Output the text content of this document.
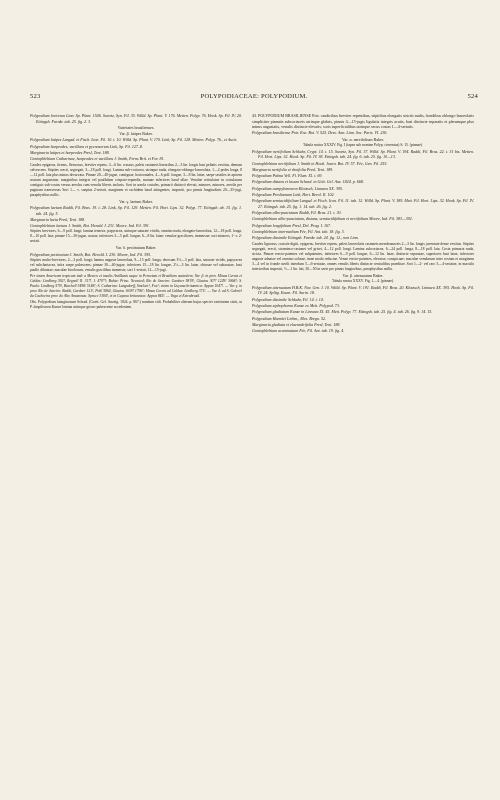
523	POLYPODIACEAE: POLYPODIUM.	524

Polypodium loriceum Linn. Sp. Plant. 1546. Swartz, Syn. Fil. 35. Willd. Sp. Plant. V. 176. Metten. Polyp. 76. Hook. Sp. Fil. IV. 20. Ettingsh. Farnkr. tab. 25. fig. 2. 3.

Varietates brasilienses.

Var. β. latipes Baker.

Polypodium latipes Langsd. et Fisch. Icon. Fil. 10. t. 10. Willd. Sp. Plant. V. 170. Link, Sp. Fil. 128. Metten. Polyp. 76., et Auctt.

Polypodium harpeodes, vacillans et pycnosorum Link, Sp. Fil. 127–8.

Marginaria latipes et harpeodes Presl, Tent. 188.

Goniophlebium Catharinae, harpeodes et vacillans J. Smith, Ferns Brit. et For. 81.

Caudex epigaeus, firmus, flexuosus, breviter repens, 3—6 lin. crassus, paleis castaneis linearibus 2—3 lin. longis basi peltatis vestitus, demum calvescens. Stipites crecti, segregati, 3—18 poll. longi. Lamina sub-coriacea, utrinque nuda, elongato-oblongo-lanceolata, 1—2 pedes longa, 8—12 poll. lata plus minus decurvata. Pinnae 20—40-jugae, contiguae, horizontales, 4—6 poll. longae, 3—8 lin. latae, saepe sessiles in apicem acutum angustatae, marginibus integris vel paullulum crispato-repandis, mutuae inferiores haud ullae. Venulae reticulatae in costularum contiguis sub-costas versus areolas cum venulis liberis inclusis. Sori in areola costales, primarii distincti elevati, minores, minores, areolis per paginam transversas Sori 1— v. saepius 2-seriati, marginem et rachidem haud attingentes, impositi, pro pinnis longitudinis 20—35-jugi, paraphysibus nullis.

Var. γ. laetum Baker.

Polypodium laetum Raddi, Fil. Bras. 19. t. 28. Link, Sp. Fil. 129. Metten. Fil. Hort. Lips. 32. Polyp. 77. Ettingsh. ab. 15. fig. 1. tab. 24. fig. 5.

Marginaria laeta Presl, Tent. 188.

Goniophlebium laetum J. Smith, Bot. Herald. I. 231. Moore, Ind. Fil. 391.

Stipites breviores, 6—9 poll. longi; lamina tenerior, papyracea, utrinque saturate viridis, omnino nuda, elongato-lanceolata, 12—18 poll. longa, 8—10 poll. lata; pinnae 15—30-jugae, acutae, inferiores 3—5 poll. longae, 6—8 lin. latae; venulae graciliores, immersae; sori minores, 1- v. 2-seriati.

Var. δ. pectinatum Baker.

Polypodium pectinatum J. Smith, Bot. Herald. I. 230. Moore, Ind. Fil. 395.

Stipites multo-breviores, 2—3 poll. longi; lamina anguste lanceolata, 9—15 poll. longa, deorsum 3½—3 poll. lata, saturate viridis, papyracea vel subchartacea, infra saepe pubescens; pinnae 30—40-jugae, inferiores 15—18 lin. longae, 2½—3 lin. latae, obtusae vel subacutae, basi paullo dilatatae; maculae bicolorum, venulis gracilibus immersis; sori 1-seriati, 12—15-jugi.

Per totam Americam tropicam inde a Mexico et insulis Antillanis usque in Peruviam et Brasiliam australem. Var. β. in prov. Minas Gerais et Caldas: Lindberg 592!, Regnell II. 317!, I. 470*!; Bahia: Princ. Neuwied; Rio de Janeiro: Gardner 5819!, Glaziou 307! 1229! 3068!; S. Paulo: Lindberg 570!, Burchell 3498/ 5148!; S. Catharina: Langsdorff, Sinclair!, Fox!; etiam in Guyana britannica: Appun 1047!. — Var. γ. in prov. Rio de Janeiro: Raddi, Gardner 121!, Pohl 5864, Glaziou 1659! 1796!; Minas Gerais ad Caldas: Lindberg 371!. — Var. δ. ad S. Gabriel da Cachoeira prov. do Alto Amazonas: Spruce 3384!, et in Guyana britannica: Appun 845!. — Vaga et Extrabrasil.

Obs. Polypodium lanuginosum Schrad. (Goett. Gel. Anzeig. 1824. p. 867.) nondum vidi. Probabiliter alterum hujus speciei varietatem sistit, ut P. daspileuron Kunze lamina utrinque griseo-pubescente accedentem.

43. POLYPODIUM BRASILIENSE Poir. caudicibus breviter repentibus, stipitibus elongatis strictis nudis, frondibus oblongo-lanceolatis simpliciter pinnatis subcoriaceis utrinque glabris, pinnis 4—15-jugis ligulatis integris acutis, basi distincte separatis et plerumque plus minus angustatis, venulis distincte elevatis; soris superficialibus utrinque secus costas 1—4-seriatis.

Polypodium brasiliense Poir. Enc. Bot. V. 525. Desv. Ann. Linn. Soc. Paris. VI. 236.

Var. α. nereifolium Baker.

Tabula nostra XXXIV. Fig. I (tapea sub nomine Polyp. rioventus) S. 15. (pinnae).

Polypodium neriifolium Schkuhr, Crypt. 14. t. 15. Swartz, Syn. Fil. 37. Willd. Sp. Plant. V. 194. Raddi, Fil. Bras. 22. t. 31 bis. Metten. Fil. Hort. Lips. 32. Hook. Sp. Fil. IV. 38. Ettingsh. tab. 24. fig. 6. tab. 25. fig. 10—13.

Goniophlebium neriifolium J. Smith in Hook. Journ. Bot. IV. 57. Fée, Gen. Fil. 255.

Marginaria neriifolia et rhoifolia Presl, Tent. 189.

Polypodium Palma Vell. Fl. Flum. XI. t. 69.

Polypodium distans et laxum Schrad. in Gött. Gel. Anz. 1824. p. 668.

Polypodium campyloneuron Klotzsch, Linnaea XX. 395.

Polypodium Presliamum Link, Hort. Berol. II. 102.

Polypodium semiacidifolium Langsd. et Fisch. Icon. Fil. 11. tab. 12. Willd. Sp. Plant. V. 189. Mett. Fil. Hort. Lips. 32. Hook. Sp. Fil. IV. 27. Ettingsh. tab. 25. fig. 1. 14. tab. 26. fig. 2.

Polypodium albo-punctatum Raddi, Fil. Bras. 21. t. 30.

Goniophlebium albo-punctatum, distans, semiacidifolium et neriifolium Moore, Ind. Fil. 383—392.

Polypodium longifolium Presl, Del. Prag. I. 167.

Goniophlebium intermedium Fée, Fil. Ant. tab. 18. fig. 3.

Polypodium dissimile Ettingsh. Farnkr. tab. 24. fig. 12., non Linn.

Caudex lignosus, crassiie digiti, epigaeus, breviter repens, paleis lanceolatis castaneis membranaceis 2—3 lin. longis juventute dense vestitus. Stipites segregati, erecti, straminco-castanei vel grisei, 4—12 poll. longi. Lamina subcoriacea, 6—24 poll. longa, 8—18 poll. lata. Costa primaria nuda, stricta. Pinnae erecto-patentes vel subpatentes, inferiores 6—9 poll. longae, 6—12 lin. latae, distincte separatae, superiores basi latae, inferiores anguste adnatae vel omnino solutae, imae modo reductae. Venae erecto-patentes, elevatae, conspicuae; maculae venularum inter costam et marginem 3—4 vel in fronde sterili interdum 5—6-seriatae, omnes venulis liberis distincte centralibus praeditae. Sori 1—2- vel raro 3—4-seriatae, in maculis interioribus impositi, ½—1 lin. lati, 30—50 in serie pro pinnis longioribus, paraphysibus nullis.

Var. β. attenuatum Baker.

Tabula nostra XXXV. Fig. 1—4. (pinnae).

Polypodium attenuatum H.B.K. Nov. Gen. I. 10. Willd. Sp. Plant. V. 191. Raddi, Fil. Bras. 20. Klotzsch, Linnaea XX. 395. Hook. Sp. Fil. IV. 24. Splitg. Enum. Fil. Surin. 18.

Polypodium dissimile Schkuhr, Fil. 14. t. 14.

Polypodium xiphophoron Kunze ex Mett. Polypod. 73.

Polypodium gladiatum Kunze in Linnaea IX. 45. Mett. Polyp. 77. Ettingsh. tab. 25. fig. 4. tab. 26. fig. 9. 14. 15.

Polypodium Haenkei Liebm., Mex. Bregn. 52.

Marginaria gladiata et elaeandrifolia Presl, Tent. 188.

Goniophlebium acuminatum Fée, Fil. Ant. tab. 19. fig. 4.
